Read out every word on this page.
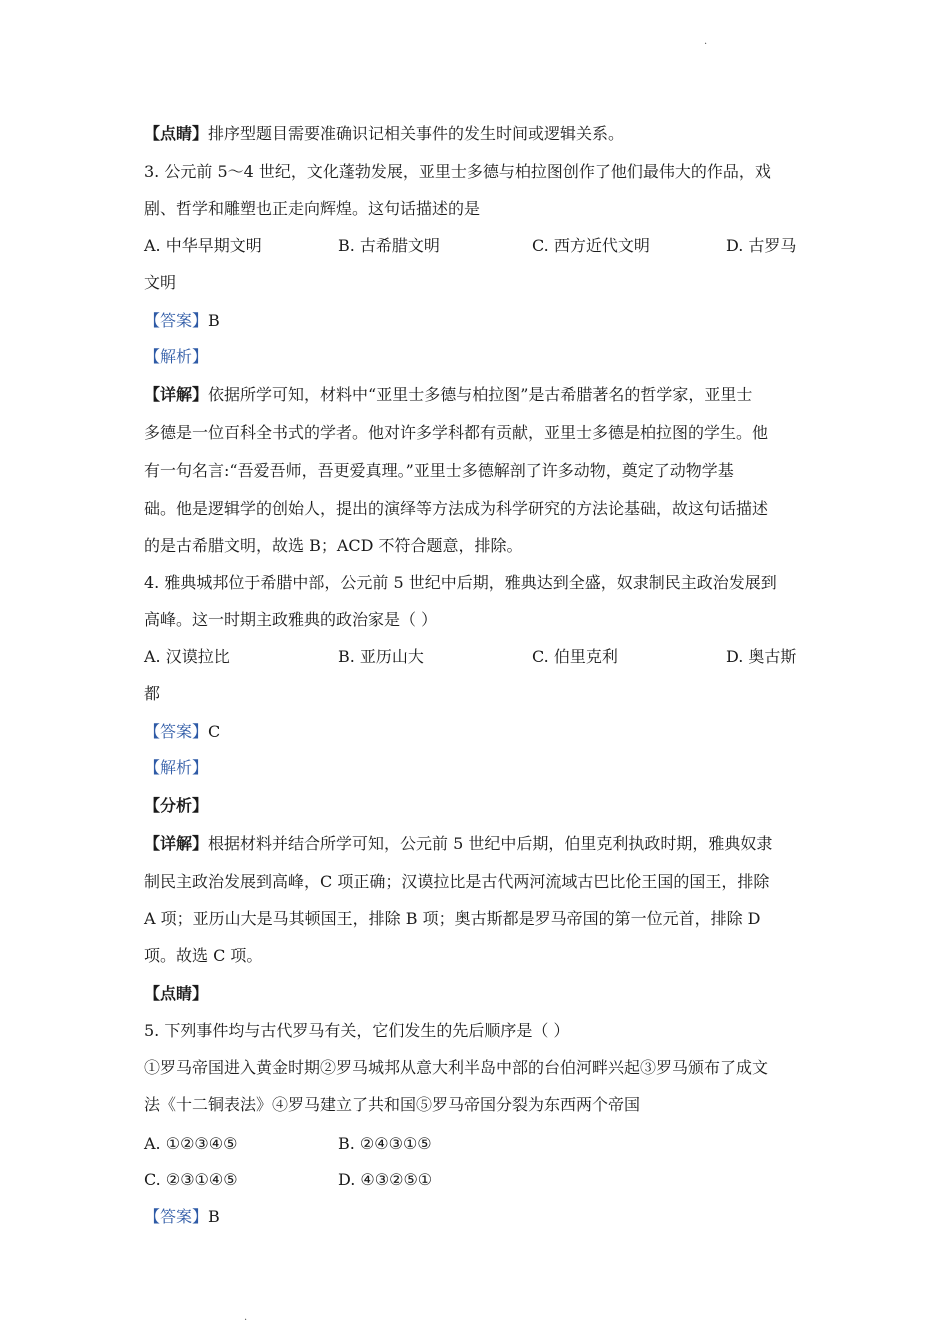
.
【点睛】排序型题目需要准确识记相关事件的发生时间或逻辑关系。
3. 公元前 5～4 世纪，文化蓬勃发展，亚里士多德与柏拉图创作了他们最伟大的作品，戏
剧、哲学和雕塑也正走向辉煌。这句话描述的是
A. 中华早期文明	B. 古希腊文明	C. 西方近代文明	D. 古罗马
文明
【答案】B
【解析】
【详解】依据所学可知，材料中“亚里士多德与柏拉图”是古希腊著名的哲学家，亚里士
多德是一位百科全书式的学者。他对许多学科都有贡献，亚里士多德是柏拉图的学生。他
有一句名言:“吾爱吾师，吾更爱真理。”亚里士多德解剖了许多动物，奠定了动物学基
础。他是逻辑学的创始人，提出的演绎等方法成为科学研究的方法论基础，故这句话描述
的是古希腊文明，故选 B；ACD 不符合题意，排除。
4. 雅典城邦位于希腊中部，公元前 5 世纪中后期，雅典达到全盛，奴隶制民主政治发展到
高峰。这一时期主政雅典的政治家是（ ）
A. 汉谟拉比	B. 亚历山大	C. 伯里克利	D. 奥古斯
都
【答案】C
【解析】
【分析】
【详解】根据材料并结合所学可知，公元前 5 世纪中后期，伯里克利执政时期，雅典奴隶
制民主政治发展到高峰，C 项正确；汉谟拉比是古代两河流域古巴比伦王国的国王，排除
A 项；亚历山大是马其顿国王，排除 B 项；奥古斯都是罗马帝国的第一位元首，排除 D
项。故选 C 项。
【点睛】
5. 下列事件均与古代罗马有关，它们发生的先后顺序是（ ）
①罗马帝国进入黄金时期②罗马城邦从意大利半岛中部的台伯河畔兴起③罗马颁布了成文
法《十二铜表法》④罗马建立了共和国⑤罗马帝国分裂为东西两个帝国
A. ①②③④⑤	B. ②④③①⑤
C. ②③①④⑤	D. ④③②⑤①
【答案】B
.
